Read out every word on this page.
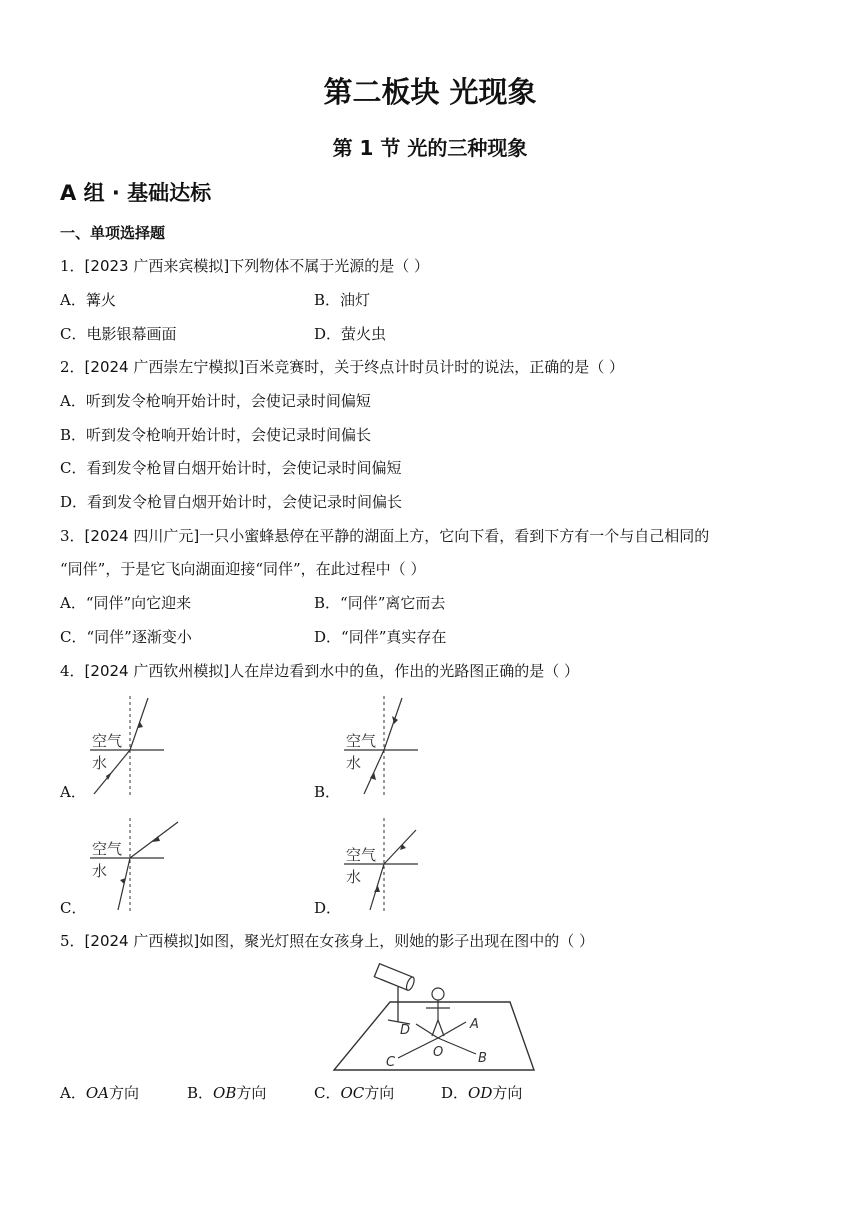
第二板块 光现象
第 1 节 光的三种现象
A 组 · 基础达标
一、单项选择题
1．[2023 广西来宾模拟]下列物体不属于光源的是（ ）
A．篝火	B．油灯
C．电影银幕画面	D．萤火虫
2．[2024 广西崇左宁模拟]百米竞赛时，关于终点计时员计时的说法，正确的是（ ）
A．听到发令枪响开始计时，会使记录时间偏短
B．听到发令枪响开始计时，会使记录时间偏长
C．看到发令枪冒白烟开始计时，会使记录时间偏短
D．看到发令枪冒白烟开始计时，会使记录时间偏长
3．[2024 四川广元]一只小蜜蜂悬停在平静的湖面上方，它向下看，看到下方有一个与自己相同的
“同伴”，于是它飞向湖面迎接“同伴”，在此过程中（ ）
A．“同伴”向它迎来	B．“同伴”离它而去
C．“同伴”逐渐变小	D．“同伴”真实存在
4．[2024 广西钦州模拟]人在岸边看到水中的鱼，作出的光路图正确的是（ ）
空气
水
A．
空气
水
B．
空气
水
C．
空气
水
D．
5．[2024 广西模拟]如图，聚光灯照在女孩身上，则她的影子出现在图中的（ ）
A
B
C
D
O
A．OA方向	B．OB方向	C．OC方向	D．OD方向
